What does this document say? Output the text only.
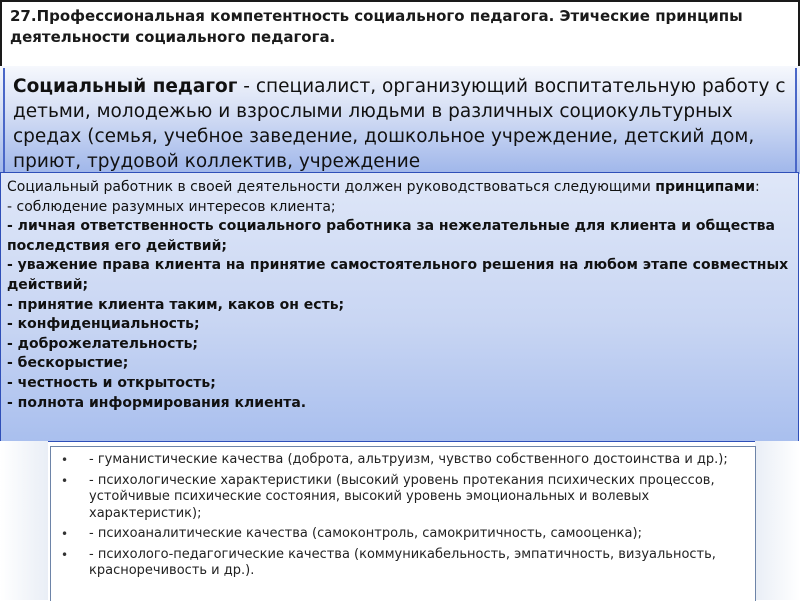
27.Профессиональная компетентность социального педагога. Этические принципы деятельности социального педагога.
Социальный педагог - специалист, организующий воспитательную работу с детьми, молодежью и взрослыми людьми в различных социокультурных средах (семья, учебное заведение, дошкольное учреждение, детский дом, приют, трудовой коллектив, учреждение

Социальный работник в своей деятельности должен руководствоваться следующими принципами:

- соблюдение разумных интересов клиента;

- личная ответственность социального работника за нежелательные для клиента и общества последствия его действий;

- уважение права клиента на принятие самостоятельного решения на любом этапе совместных действий;

- принятие клиента таким, каков он есть;

- конфиденциальность;

- доброжелательность;

- бескорыстие;

- честность и открытость;

- полнота информирования клиента.

• - гуманистические качества (доброта, альтруизм, чувство собственного достоинства и др.);
• - психологические характеристики (высокий уровень протекания психических процессов, устойчивые психические состояния, высокий уровень эмоциональных и волевых характеристик);
• - психоаналитические качества (самоконтроль, самокритичность, самооценка);
• - психолого-педагогические качества (коммуникабельность, эмпатичность, визуальность, красноречивость и др.).
